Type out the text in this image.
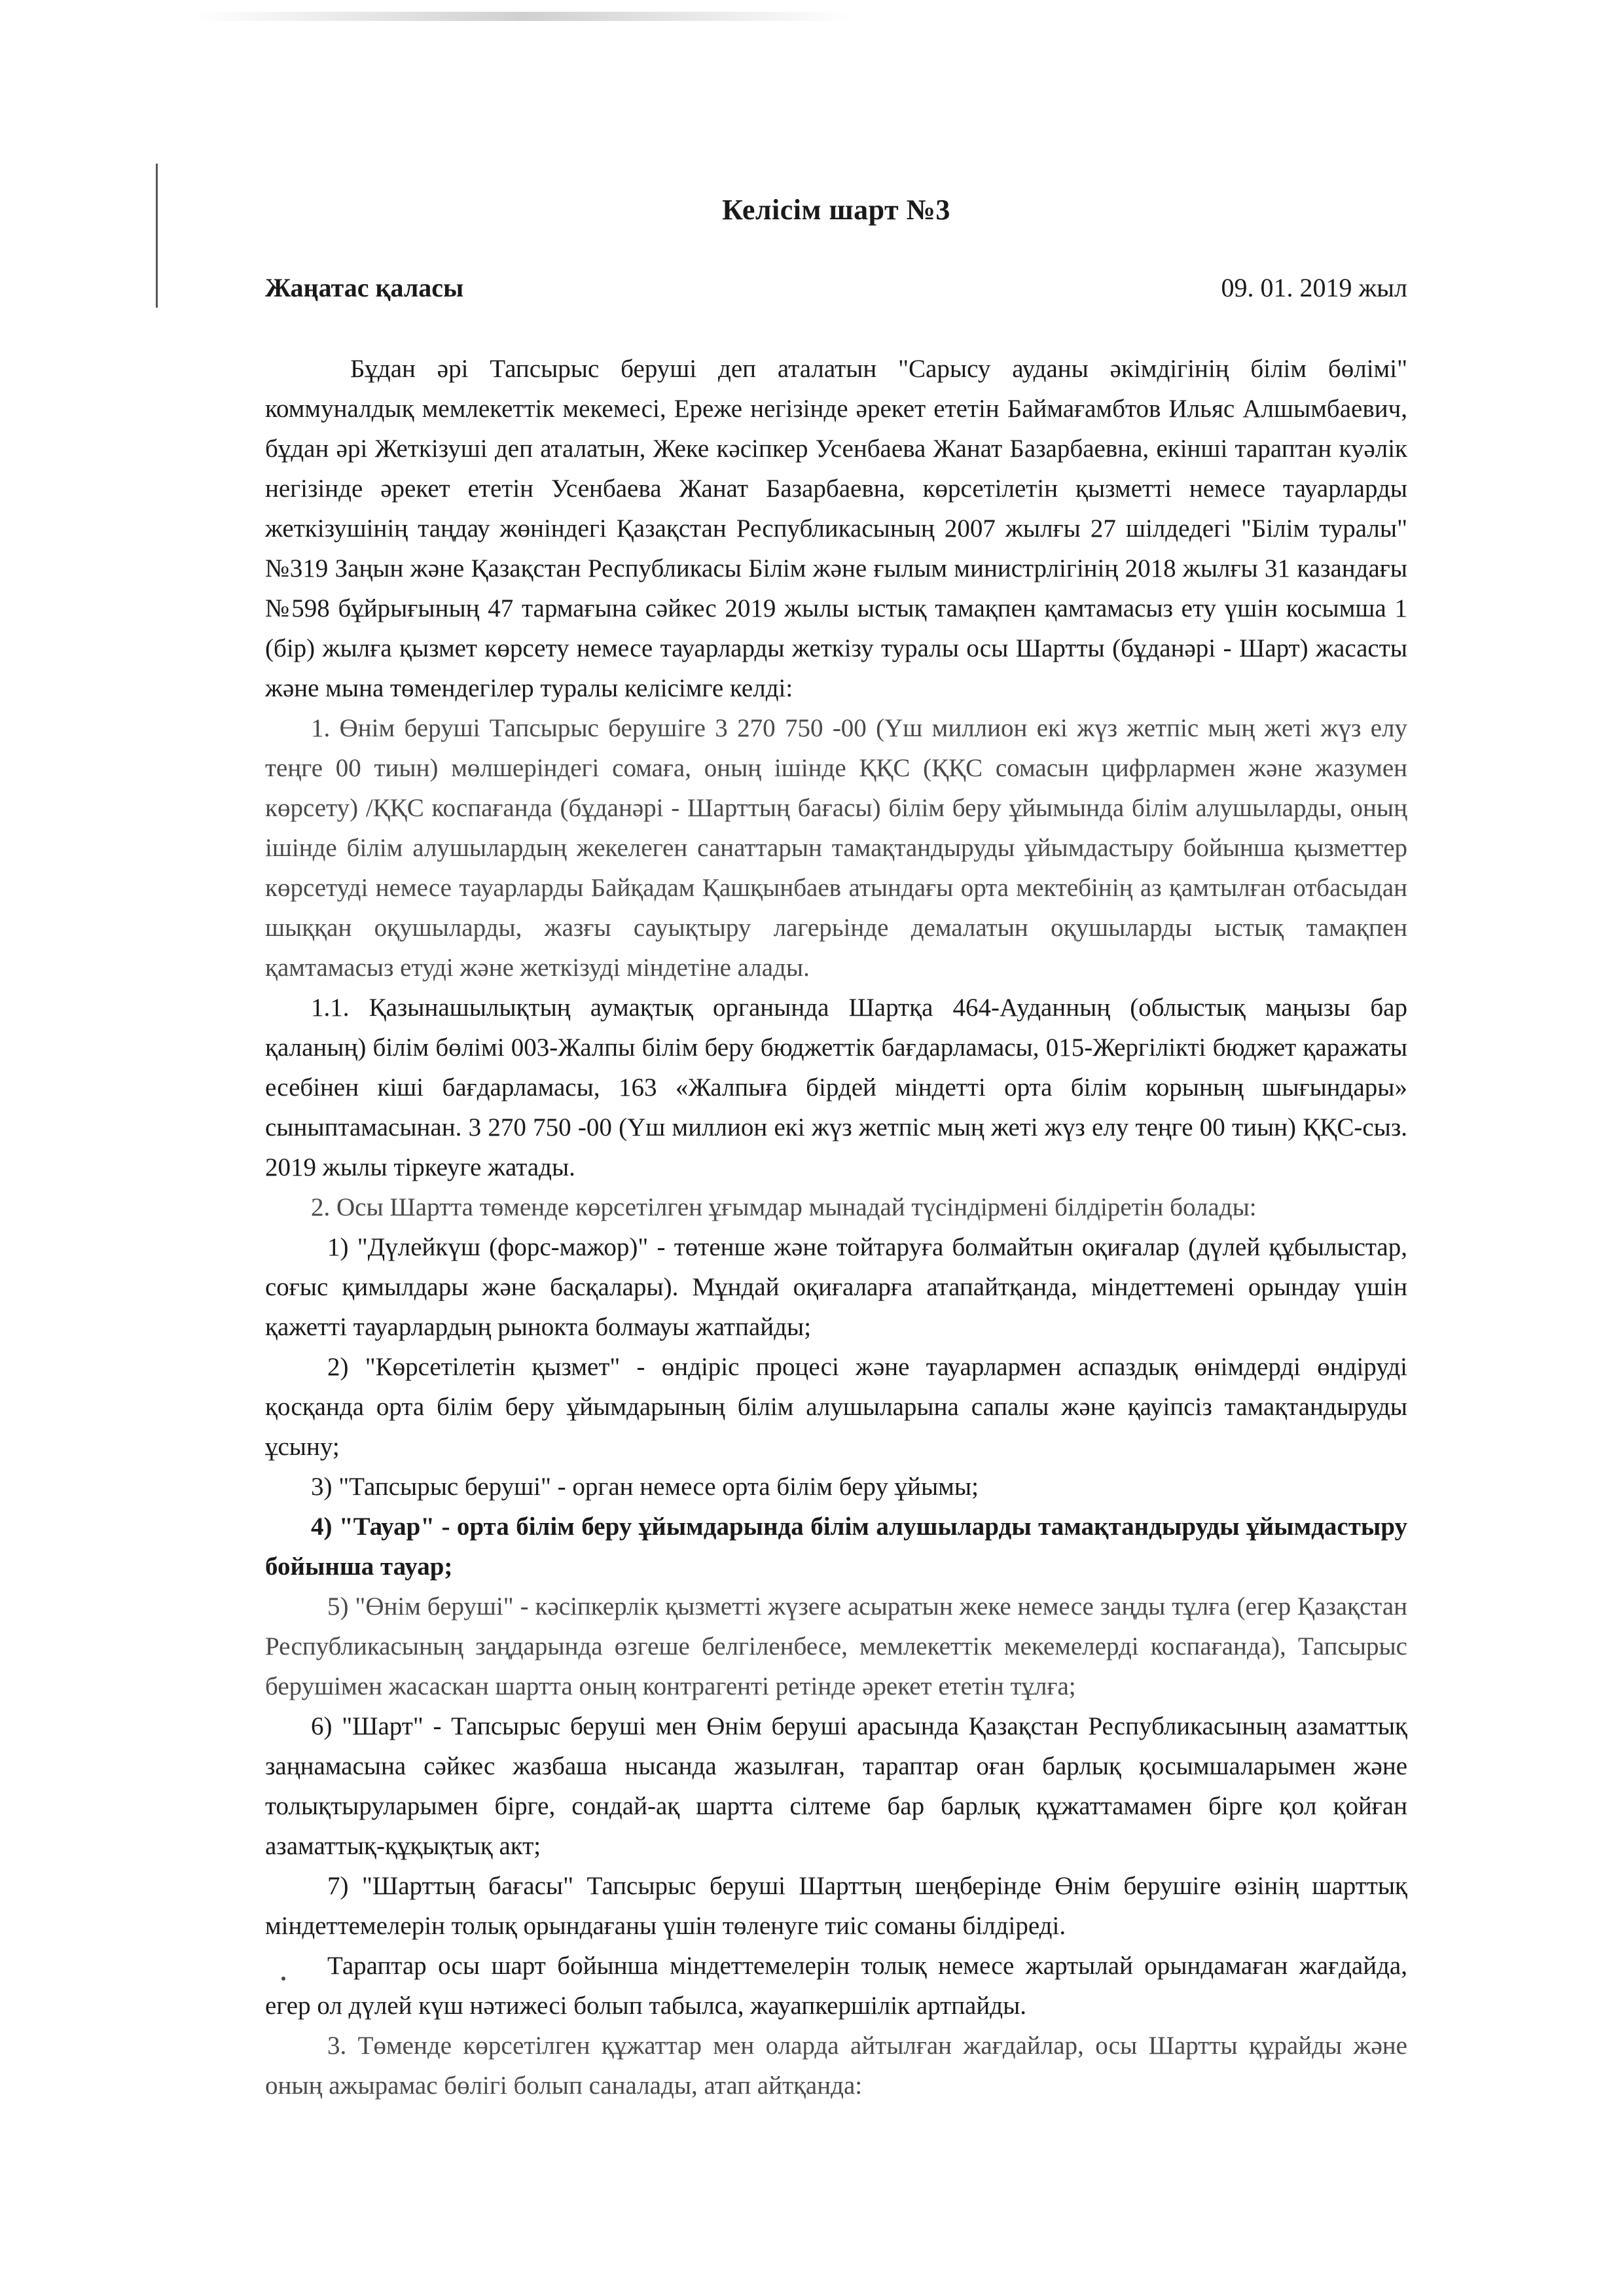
Келісім шарт №3
Жаңатас қаласы	09. 01. 2019 жыл

Бұдан әрі Тапсырыс беруші деп аталатын "Сарысу ауданы әкімдігінің білім бөлімі" коммуналдық мемлекеттік мекемесі, Ереже негізінде әрекет ететін Баймағамбтов Ильяс Алшымбаевич, бұдан әрі Жеткізуші деп аталатын, Жеке кәсіпкер Усенбаева Жанат Базарбаевна, екінші тараптан куәлік негізінде әрекет ететін Усенбаева Жанат Базарбаевна, көрсетілетін қызметті немесе тауарларды жеткізушінің таңдау жөніндегі Қазақстан Республикасының 2007 жылғы 27 шілдедегі "Білім туралы" №319 Заңын және Қазақстан Республикасы Білім және ғылым министрлігінің 2018 жылғы 31 казандағы №598 бұйрығының 47 тармағына сәйкес 2019 жылы ыстық тамақпен қамтамасыз ету үшін косымша 1 (бір) жылға қызмет көрсету немесе тауарларды жеткізу туралы осы Шартты (бұданәрі - Шарт) жасасты және мына төмендегілер туралы келісімге келді:

1. Өнім беруші Тапсырыс берушіге 3 270 750 -00 (Үш миллион екі жүз жетпіс мың жеті жүз елу теңге 00 тиын) мөлшеріндегі сомаға, оның ішінде ҚҚС (ҚҚС сомасын цифрлармен және жазумен көрсету) /ҚҚС коспағанда (бұданәрі - Шарттың бағасы) білім беру ұйымында білім алушыларды, оның ішінде білім алушылардың жекелеген санаттарын тамақтандыруды ұйымдастыру бойынша қызметтер көрсетуді немесе тауарларды Байқадам Қашқынбаев атындағы орта мектебінің аз қамтылған отбасыдан шыққан оқушыларды, жазғы сауықтыру лагерьінде демалатын оқушыларды ыстық тамақпен қамтамасыз етуді және жеткізуді міндетіне алады.

1.1. Қазынашылықтың аумақтық органында Шартқа 464-Ауданның (облыстық маңызы бар қаланың) білім бөлімі 003-Жалпы білім беру бюджеттік бағдарламасы, 015-Жергілікті бюджет қаражаты есебінен кіші бағдарламасы, 163 «Жалпыға бірдей міндетті орта білім корының шығындары» сыныптамасынан. 3 270 750 -00 (Үш миллион екі жүз жетпіс мың жеті жүз елу теңге 00 тиын) ҚҚС-сыз. 2019 жылы тіркеуге жатады.

2. Осы Шартта төменде көрсетілген ұғымдар мынадай түсіндірмені білдіретін болады:

1) "Дүлейкүш (форс-мажор)" - төтенше және тойтаруға болмайтын оқиғалар (дүлей құбылыстар, соғыс қимылдары және басқалары). Мұндай оқиғаларға атапайтқанда, міндеттемені орындау үшін қажетті тауарлардың рынокта болмауы жатпайды;

2) "Көрсетілетін қызмет" - өндіріс процесі және тауарлармен аспаздық өнімдерді өндіруді қосқанда орта білім беру ұйымдарының білім алушыларына сапалы және қауіпсіз тамақтандыруды ұсыну;

3) "Тапсырыс беруші" - орган немесе орта білім беру ұйымы;

4) "Тауар" - орта білім беру ұйымдарында білім алушыларды тамақтандыруды ұйымдастыру бойынша тауар;

5) "Өнім беруші" - кәсіпкерлік қызметті жүзеге асыратын жеке немесе заңды тұлға (егер Қазақстан Республикасының заңдарында өзгеше белгіленбесе, мемлекеттік мекемелерді коспағанда), Тапсырыс берушімен жасаскан шартта оның контрагенті ретінде әрекет ететін тұлға;

6) "Шарт" - Тапсырыс беруші мен Өнім беруші арасында Қазақстан Республикасының азаматтық заңнамасына сәйкес жазбаша нысанда жазылған, тараптар оған барлық қосымшаларымен және толықтыруларымен бірге, сондай-ақ шартта сілтеме бар барлық құжаттамамен бірге қол қойған азаматтық-құқықтық акт;

7) "Шарттың бағасы" Тапсырыс беруші Шарттың шеңберінде Өнім берушіге өзінің шарттық міндеттемелерін толық орындағаны үшін төленуге тиіс соманы білдіреді.

Тараптар осы шарт бойынша міндеттемелерін толық немесе жартылай орындамаған жағдайда, егер ол дүлей күш нәтижесі болып табылса, жауапкершілік артпайды.

3. Төменде көрсетілген құжаттар мен оларда айтылған жағдайлар, осы Шартты құрайды және оның ажырамас бөлігі болып саналады, атап айтқанда:
